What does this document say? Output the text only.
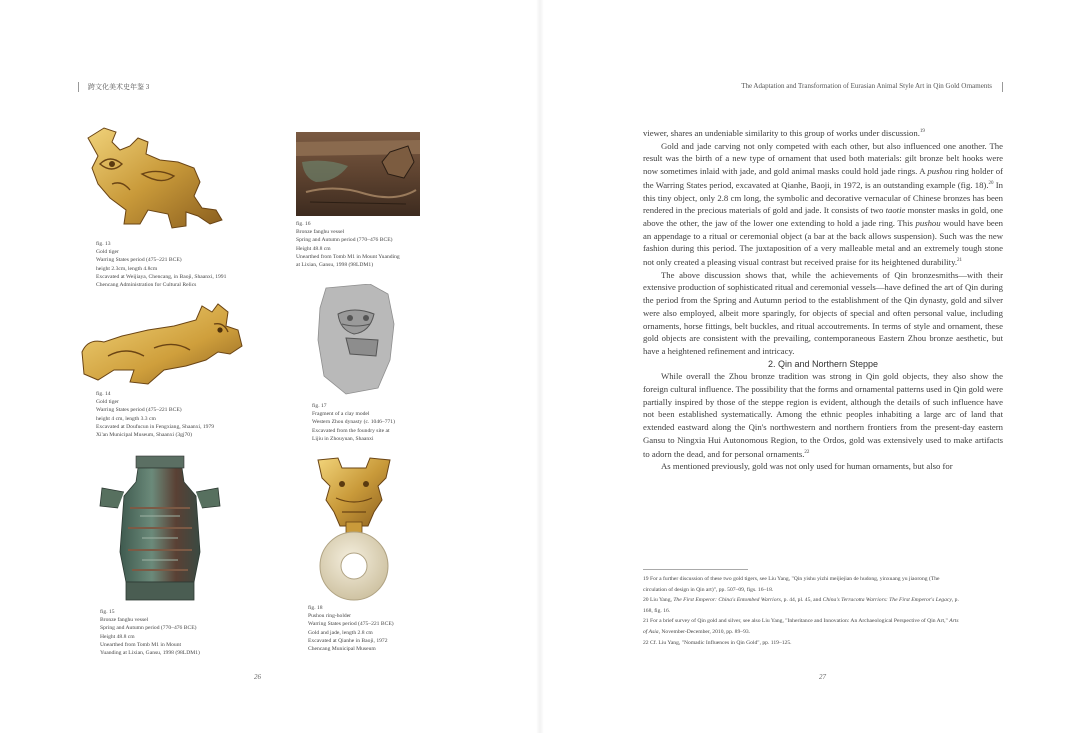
跨文化美术史年鉴 3	The Adaptation and Transformation of Eurasian Animal Style Art in Qin Gold Ornaments
fig. 13
Gold tiger
Warring States period (475–221 BCE)
height 2.3cm, length 4.8cm
Excavated at Weijiaya, Chencang, in Baoji, Shaanxi, 1991
Chencang Administration for Cultural Relics
fig. 14
Gold tiger
Warring States period (475–221 BCE)
height 4 cm, length 3.3 cm
Excavated at Doufucun in Fengxiang, Shaanxi, 1979
Xi'an Municipal Museum, Shaanxi (3gj70)
fig. 15
Bronze fanghu vessel
Spring and Autumn period (770–476 BCE)
Height 48.8 cm
Unearthed from Tomb M1 in Mount
Yuanding at Lixian, Gansu, 1998 (98LDM1)
fig. 16
Bronze fanghu vessel
Spring and Autumn period (770–476 BCE)
Height 48.8 cm
Unearthed from Tomb M1 in Mount Yuanding
at Lixian, Gansu, 1998 (98LDM1)
fig. 17
Fragment of a clay model
Western Zhou dynasty (c. 1046–771)
Excavated from the foundry site at
Lijiu in Zhouyuan, Shaanxi
fig. 18
Pushou ring-holder
Warring States period (475–221 BCE)
Gold and jade, length 2.8 cm
Excavated at Qianhe in Baoji, 1972
Chencang Municipal Museum

viewer, shares an undeniable similarity to this group of works under discussion.$^{19}$

Gold and jade carving not only competed with each other, but also influenced one another. The result was the birth of a new type of ornament that used both materials: gilt bronze belt hooks were now sometimes inlaid with jade, and gold animal masks could hold jade rings. A pushou ring holder of the Warring States period, excavated at Qianhe, Baoji, in 1972, is an outstanding example (fig. 18).$^{20}$ In this tiny object, only 2.8 cm long, the symbolic and decorative vernacular of Chinese bronzes has been rendered in the precious materials of gold and jade. It consists of two taotie monster masks in gold, one above the other, the jaw of the lower one extending to hold a jade ring. This pushou would have been an appendage to a ritual or ceremonial object (a bar at the back allows suspension). Such was the new fashion during this period. The juxtaposition of a very malleable metal and an extremely tough stone not only created a pleasing visual contrast but received praise for its heightened durability.$^{21}$

The above discussion shows that, while the achievements of Qin bronzesmiths—with their extensive production of sophisticated ritual and ceremonial vessels—have defined the art of Qin during the period from the Spring and Autumn period to the establishment of the Qin dynasty, gold and silver were also employed, albeit more sparingly, for objects of special and often personal value, including ornaments, horse fittings, belt buckles, and ritual accoutrements. In terms of style and ornament, these gold objects are consistent with the prevailing, contemporaneous Eastern Zhou bronze aesthetic, but have a heightened refinement and intricacy.

2. Qin and Northern Steppe

While overall the Zhou bronze tradition was strong in Qin gold objects, they also show the foreign cultural influence. The possibility that the forms and ornamental patterns used in Qin gold were partially inspired by those of the steppe region is evident, although the details of such influence have not been established systematically. Among the ethnic peoples inhabiting a large arc of land that extended eastward along the Qin's northwestern and northern frontiers from the present-day eastern Gansu to Ningxia Hui Autonomous Region, to the Ordos, gold was extensively used to make artifacts to adorn the dead, and for personal ornaments.$^{22}$

As mentioned previously, gold was not only used for human ornaments, but also for

19 For a further discussion of these two gold tigers, see Liu Yang, "Qin yishu yizhi meijiejian de hudong, yinxuang yu jiaorong (The
circulation of design in Qin art)", pp. 507–09, figs. 16–18.
20 Liu Yang, The First Emperor: China's Entombed Warriors, p. 44, pl. 45, and China's Terracotta Warriors: The First Emperor's Legacy, p.
168, fig. 16.
21 For a brief survey of Qin gold and silver, see also Liu Yang, "Inheritance and Innovation: An Archaeological Perspective of Qin Art," Arts
of Asia, November-December, 2010, pp. 89–93.
22 Cf. Liu Yang, "Nomadic Influences in Qin Gold", pp. 119–125.
26	27
